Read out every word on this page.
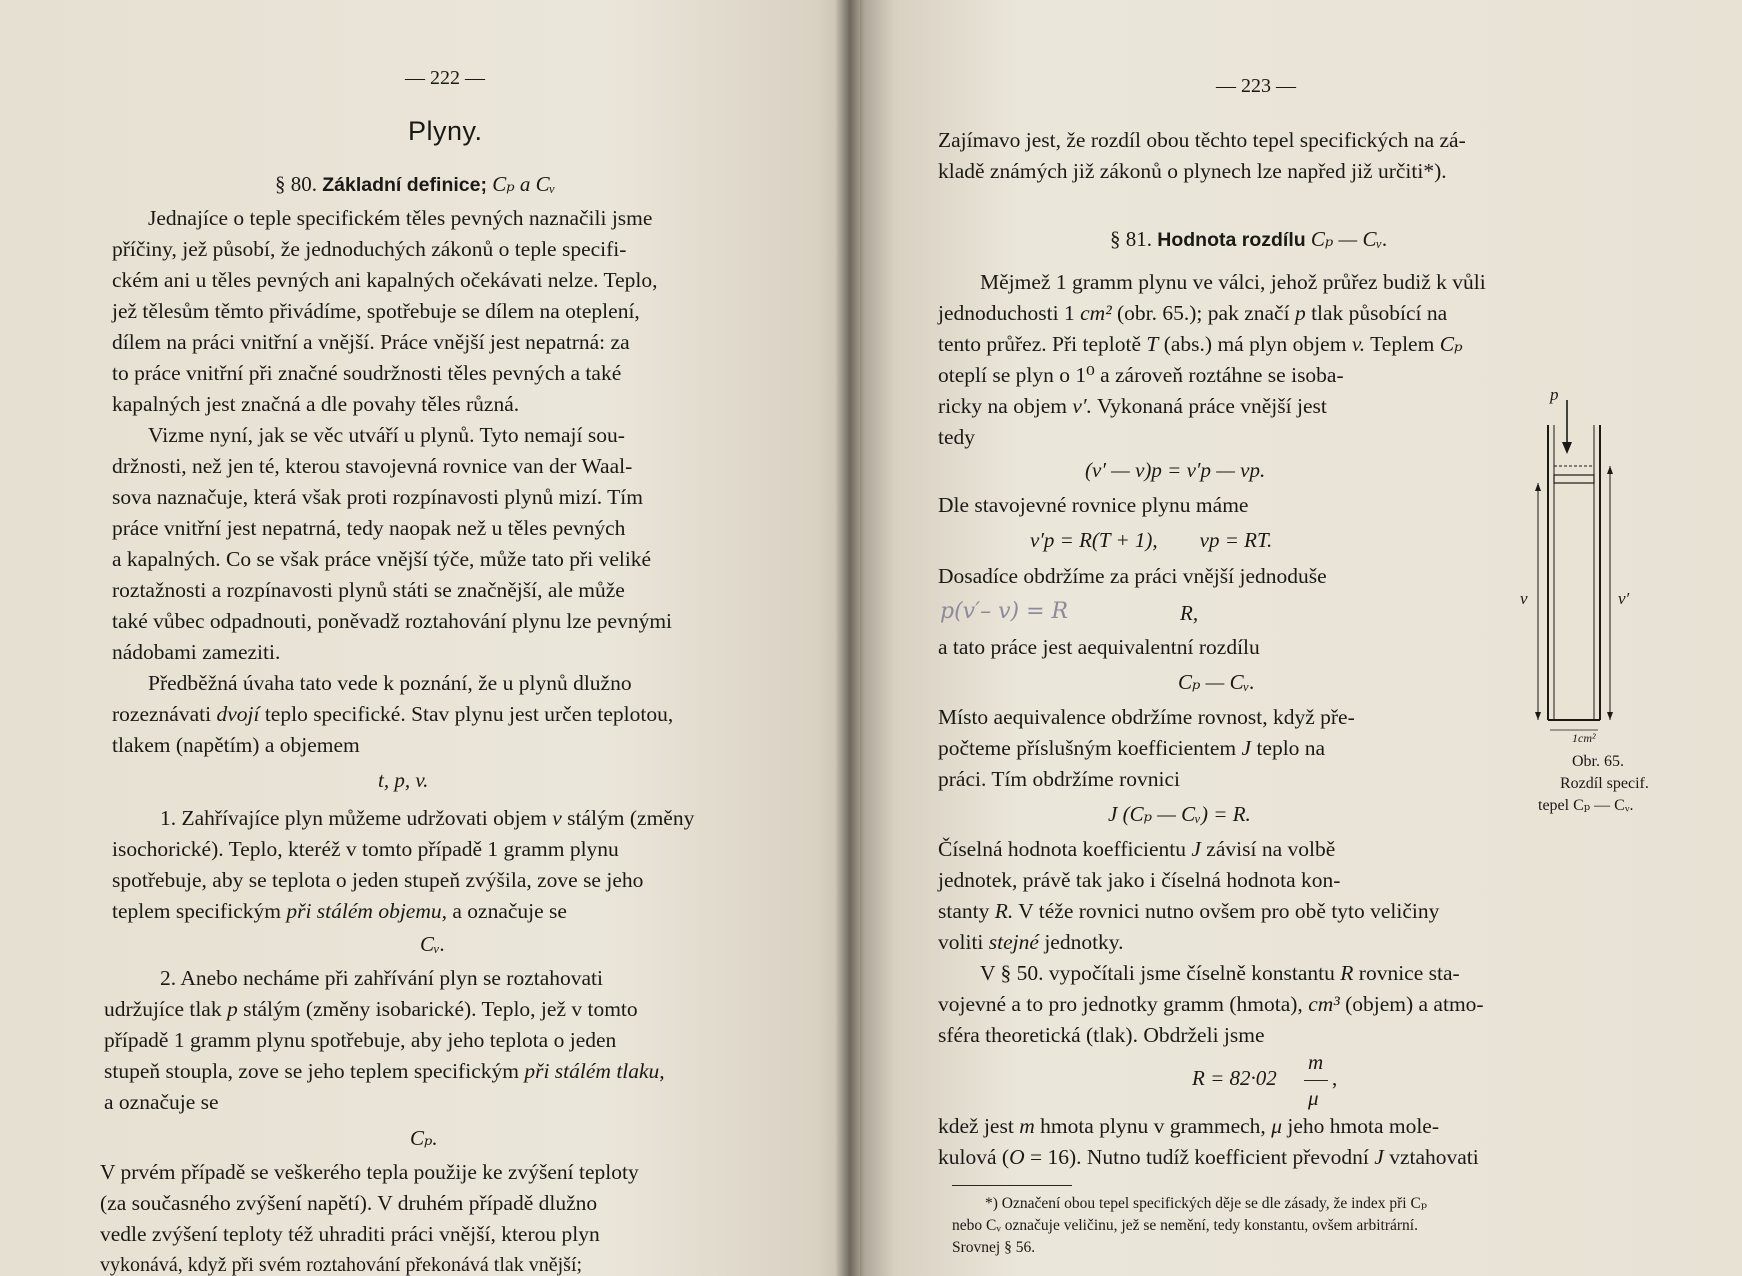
— 222 —
Plyny.
§ 80. Základní definice; Cₚ a Cᵥ
Jednajíce o teple specifickém těles pevných naznačili jsme
příčiny, jež působí, že jednoduchých zákonů o teple specifi-
ckém ani u těles pevných ani kapalných očekávati nelze. Teplo,
jež tělesům těmto přivádíme, spotřebuje se dílem na oteplení,
dílem na práci vnitřní a vnější. Práce vnější jest nepatrná: za
to práce vnitřní při značné soudržnosti těles pevných a také
kapalných jest značná a dle povahy těles různá.
Vizme nyní, jak se věc utváří u plynů. Tyto nemají sou-
držnosti, než jen té, kterou stavojevná rovnice van der Waal-
sova naznačuje, která však proti rozpínavosti plynů mizí. Tím
práce vnitřní jest nepatrná, tedy naopak než u těles pevných
a kapalných. Co se však práce vnější týče, může tato při veliké
roztažnosti a rozpínavosti plynů státi se značnější, ale může
také vůbec odpadnouti, poněvadž roztahování plynu lze pevnými
nádobami zameziti.
Předběžná úvaha tato vede k poznání, že u plynů dlužno
rozeznávati dvojí teplo specifické. Stav plynu jest určen teplotou,
tlakem (napětím) a objemem
t, p, v.
1. Zahřívajíce plyn můžeme udržovati objem v stálým (změny
isochorické). Teplo, kteréž v tomto případě 1 gramm plynu
spotřebuje, aby se teplota o jeden stupeň zvýšila, zove se jeho
teplem specifickým při stálém objemu, a označuje se
Cᵥ.
2. Anebo necháme při zahřívání plyn se roztahovati
udržujíce tlak p stálým (změny isobarické). Teplo, jež v tomto
případě 1 gramm plynu spotřebuje, aby jeho teplota o jeden
stupeň stoupla, zove se jeho teplem specifickým při stálém tlaku,
a označuje se
Cₚ.
V prvém případě se veškerého tepla použije ke zvýšení teploty
(za současného zvýšení napětí). V druhém případě dlužno
vedle zvýšení teploty též uhraditi práci vnější, kterou plyn
vykonává, když při svém roztahování překonává tlak vnější;
— 223 —
Zajímavo jest, že rozdíl obou těchto tepel specifických na zá-
kladě známých již zákonů o plynech lze napřed již určiti*).
§ 81. Hodnota rozdílu Cₚ — Cᵥ.
Mějmež 1 gramm plynu ve válci, jehož průřez budiž k vůli
jednoduchosti 1 cm² (obr. 65.); pak značí p tlak působící na
tento průřez. Při teplotě T (abs.) má plyn objem v. Teplem Cₚ
oteplí se plyn o 1⁰ a zároveň roztáhne se isoba-
ricky na objem v′. Vykonaná práce vnější jest
tedy
(v′ — v)p = v′p — vp.
Dle stavojevné rovnice plynu máme
v′p = R(T + 1),        vp = RT.
Dosadíce obdržíme za práci vnější jednoduše
p(v′– v) = R	R,
a tato práce jest aequivalentní rozdílu
Cₚ — Cᵥ.
Místo aequivalence obdržíme rovnost, když pře-
počteme příslušným koefficientem J teplo na
práci. Tím obdržíme rovnici
J (Cₚ — Cᵥ) = R.
Číselná hodnota koefficientu J závisí na volbě
jednotek, právě tak jako i číselná hodnota kon-
stanty R. V téže rovnici nutno ovšem pro obě tyto veličiny
voliti stejné jednotky.
V § 50. vypočítali jsme číselně konstantu R rovnice sta-
vojevné a to pro jednotky gramm (hmota), cm³ (objem) a atmo-
sféra theoretická (tlak). Obdrželi jsme
R = 82·02
m
μ
,
kdež jest m hmota plynu v grammech, μ jeho hmota mole-
kulová (O = 16). Nutno tudíž koefficient převodní J vztahovati
*) Označení obou tepel specifických děje se dle zásady, že index při Cₚ
nebo Cᵥ označuje veličinu, jež se nemění, tedy konstantu, ovšem arbitrární.
Srovnej § 56.
p
v	v′
1cm²
Obr. 65.
Rozdíl specif.
tepel Cₚ — Cᵥ.
